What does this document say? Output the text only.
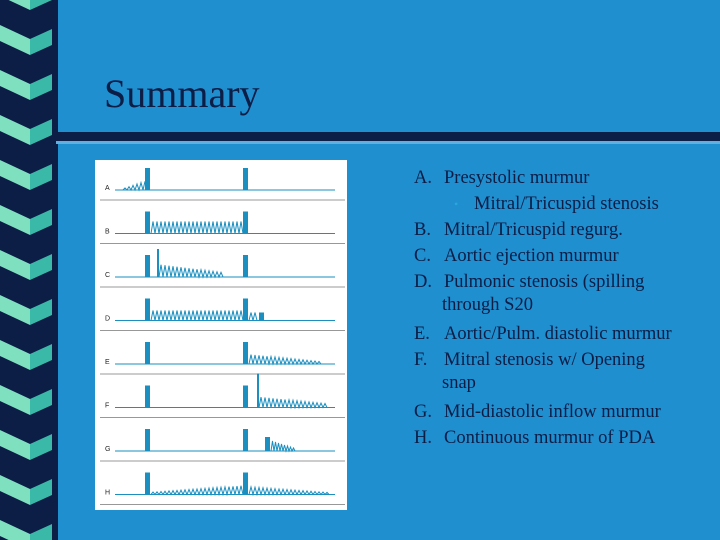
Summary
A
B
C
D
E
F
G
H
A. Presystolic murmur
• Mitral/Tricuspid stenosis
B. Mitral/Tricuspid regurg.
C. Aortic ejection murmur
D. Pulmonic stenosis (spilling
through S20
E. Aortic/Pulm. diastolic murmur
F. Mitral stenosis w/ Opening
snap
G. Mid-diastolic inflow murmur
H. Continuous murmur of PDA
